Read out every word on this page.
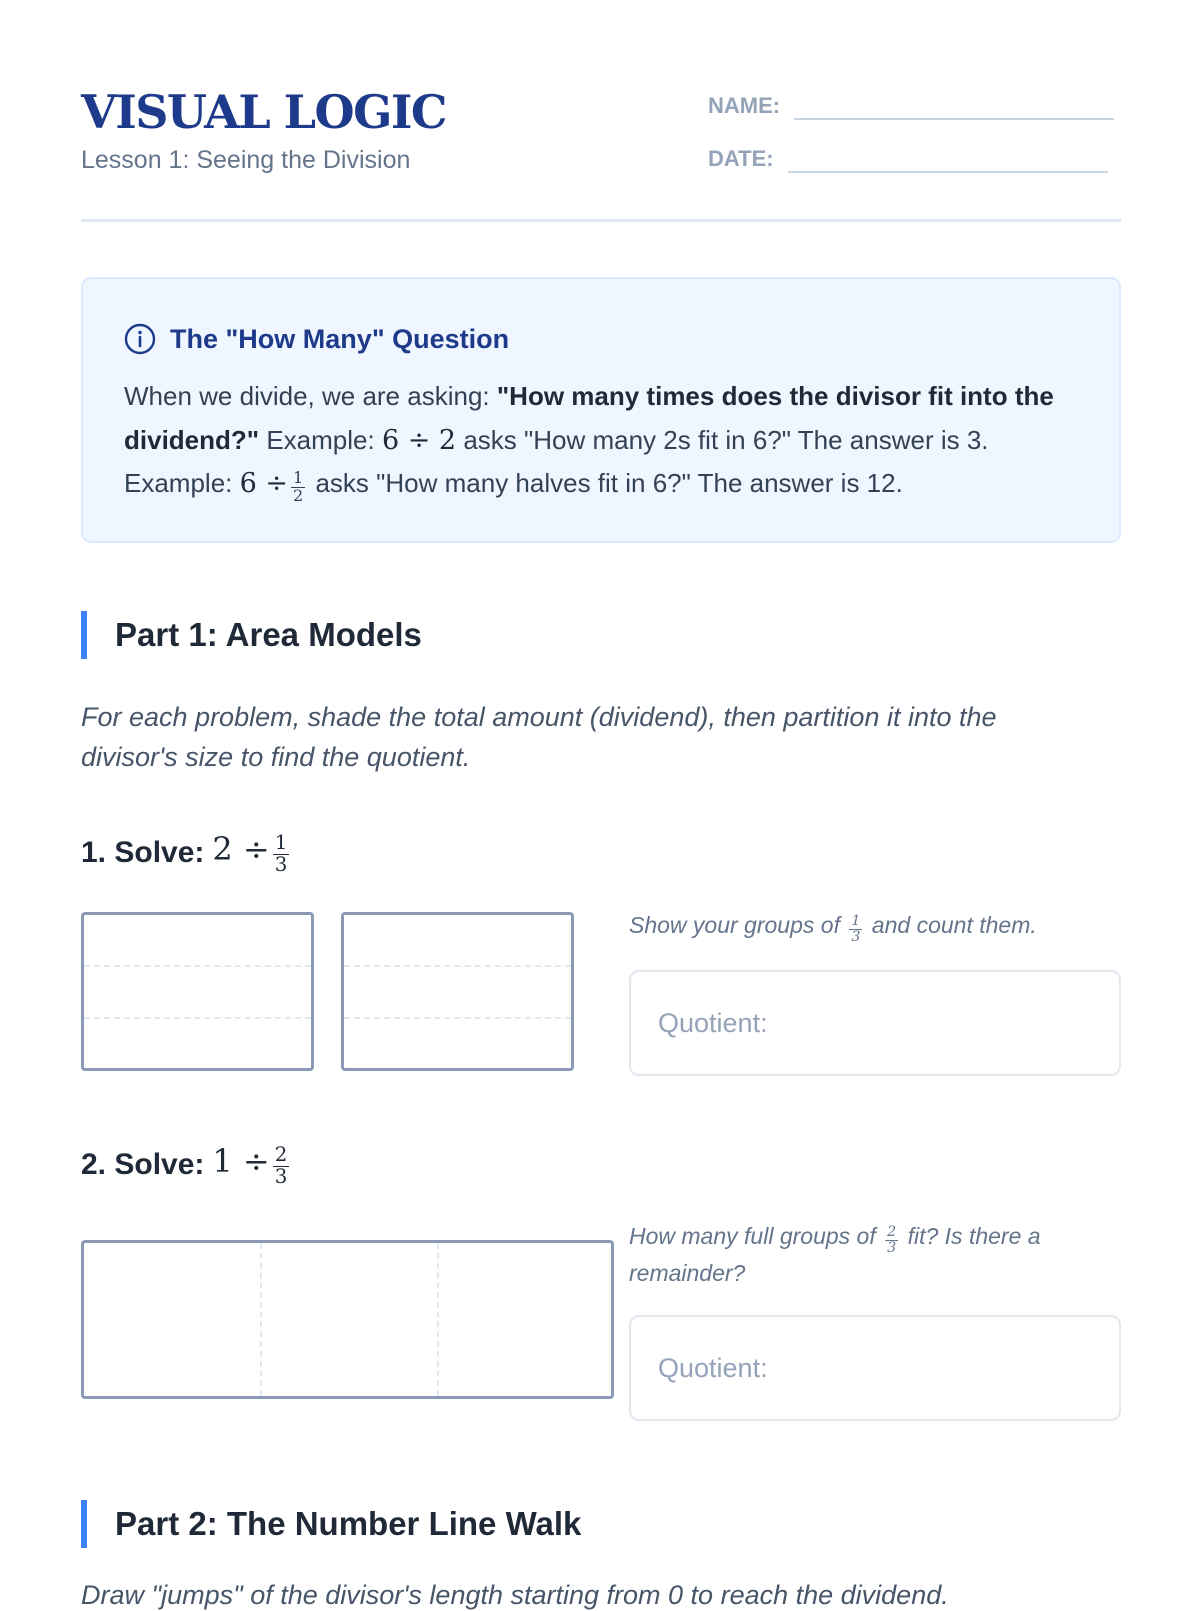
VISUAL LOGIC
Lesson 1: Seeing the Division
NAME:
DATE:
The "How Many" Question
When we divide, we are asking: "How many times does the divisor fit into the dividend?" Example: 6 ÷ 2 asks "How many 2s fit in 6?" The answer is 3. Example: $6 \div \frac{1}{2}$ asks "How many halves fit in 6?" The answer is 12.
Part 1: Area Models
For each problem, shade the total amount (dividend), then partition it into the divisor's size to find the quotient.
1. Solve: $2 \div \frac{1}{3}$
Show your groups of $\frac{1}{3}$ and count them.
Quotient:
2. Solve: $1 \div \frac{2}{3}$
How many full groups of $\frac{2}{3}$ fit? Is there a remainder?
Quotient:
Part 2: The Number Line Walk
Draw "jumps" of the divisor's length starting from 0 to reach the dividend.
